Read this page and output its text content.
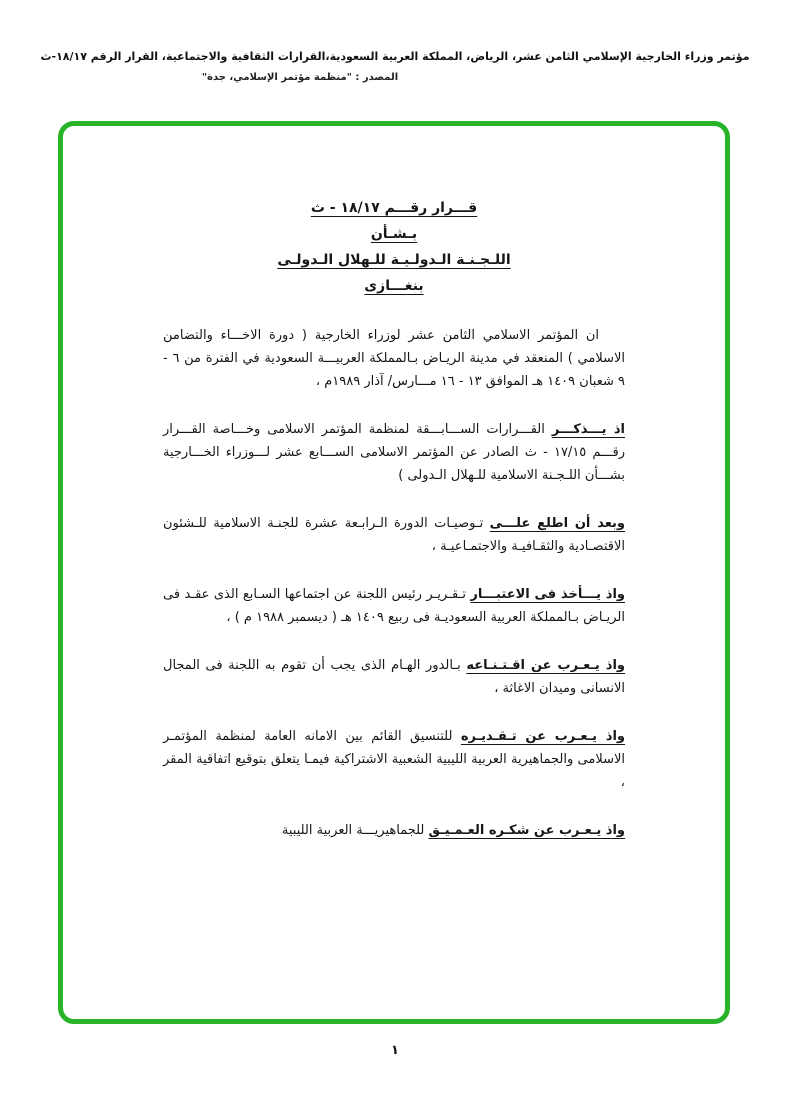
مؤتمر وزراء الخارجية الإسلامي الثامن عشر، الرياض، المملكة العربية السعودية،القرارات الثقافية والاجتماعية، القرار الرقم ١٨/١٧-ث
المصدر : "منظمة مؤتمر الإسلامي، جدة"
قـــرار رقـــم ١٨/١٧ - ث
بـشـأن
اللـجـنـة الـدولـيـة للـهلال الـدولـى
بنغـــازى

ان المؤتمر الاسلامي الثامن عشر لوزراء الخارجية ( دورة الاخـــاء والتضامن الاسلامي ) المنعقد في مدينة الريـاض بـالمملكة العربيـــة السعودية في الفترة من ٦ - ٩ شعبان ١٤٠٩ هـ الموافق ١٣ - ١٦ مـــارس/ آذار ١٩٨٩م ،

اذ يـــذكـــر القـــرارات الســـابـــقة لمنظمة المؤتمر الاسلامى وخـــاصة القـــرار رقـــم ١٧/١٥ - ث الصادر عن المؤتمر الاسلامى الســـابع عشر لـــوزراء الخـــارجية بشـــأن اللـجـنة الاسلامية للـهلال الـدولى )

وبعد أن اطلع علـــى تـوصيـات الدورة الـرابـعة عشرة للجنـة الاسلامية للـشئون الاقتصـادية والثقـافيـة والاجتمـاعيـة ،

واذ يـــأخذ فى الاعتبـــار تـقـريـر رئيس اللجنة عن اجتماعها السـابع الذى عقـد فى الريـاض بـالمملكة العربية السعوديـة فى ربيع ١٤٠٩ هـ ( ديسمبر ١٩٨٨ م ) ،

واذ يـعـرب عن اقـتـنـاعه بـالدور الهـام الذى يجب أن تقوم به اللجنة فى المجال الانسانى وميدان الاغاثة ،

واذ يـعـرب عن تـقـديـره للتنسيق القائم بين الامانه العامة لمنظمة المؤتمـر الاسلامى والجماهيرية العربية الليبية الشعبية الاشتراكية فيمـا يتعلق بتوقيع اتفاقية المقر ،

واذ يـعـرب عن شكـره العـمـيـق للجماهيريـــة العربية الليبية

١
